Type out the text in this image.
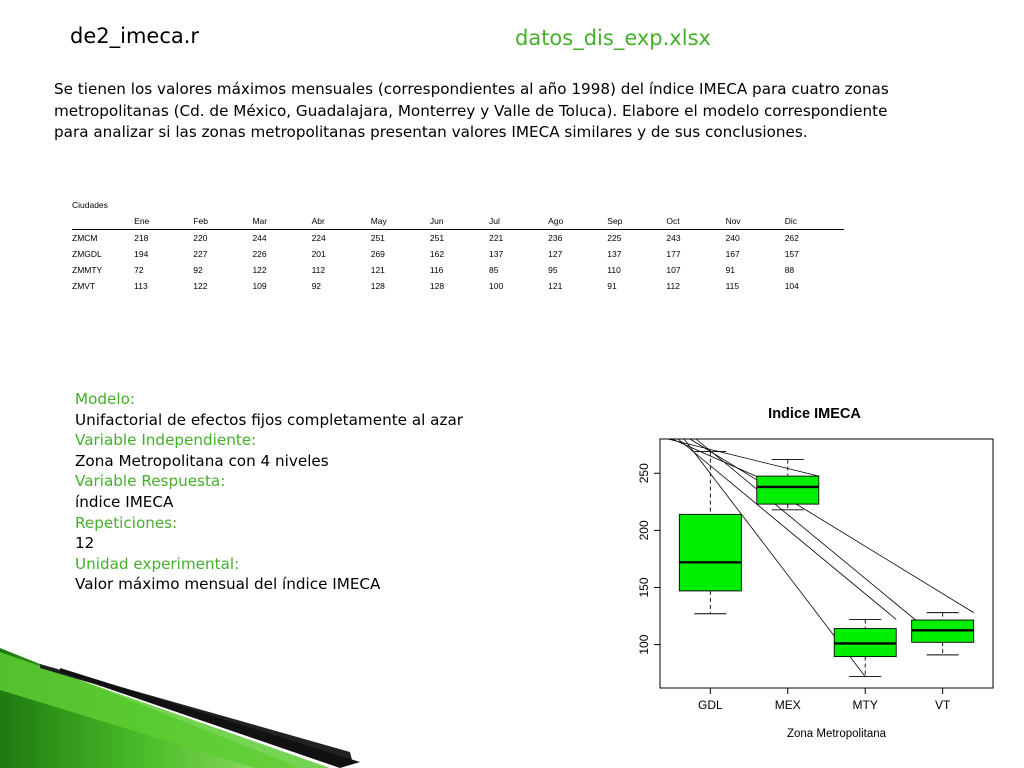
de2_imeca.r	datos_dis_exp.xlsx

Se tienen los valores máximos mensuales (correspondientes al año 1998) del índice IMECA para cuatro zonas metropolitanas (Cd. de México, Guadalajara, Monterrey y Valle de Toluca). Elabore el modelo correspondiente para analizar si las zonas metropolitanas presentan valores IMECA similares y de sus conclusiones.

Ciudades												
	Ene	Feb	Mar	Abr	May	Jun	Jul	Ago	Sep	Oct	Nov	Dic
ZMCM	218	220	244	224	251	251	221	236	225	243	240	262
ZMGDL	194	227	226	201	269	162	137	127	137	177	167	157
ZMMTY	72	92	122	112	121	116	85	95	110	107	91	88
ZMVT	113	122	109	92	128	128	100	121	91	112	115	104
Modelo:
Unifactorial de efectos fijos completamente al azar
Variable Independiente:
Zona Metropolitana con 4 niveles
Variable Respuesta:
índice IMECA
Repeticiones:
12
Unidad experimental:
Valor máximo mensual del índice IMECA
Indice IMECA
100
150
200
250
GDL	MEX	MTY	VT
Zona Metropolitana
